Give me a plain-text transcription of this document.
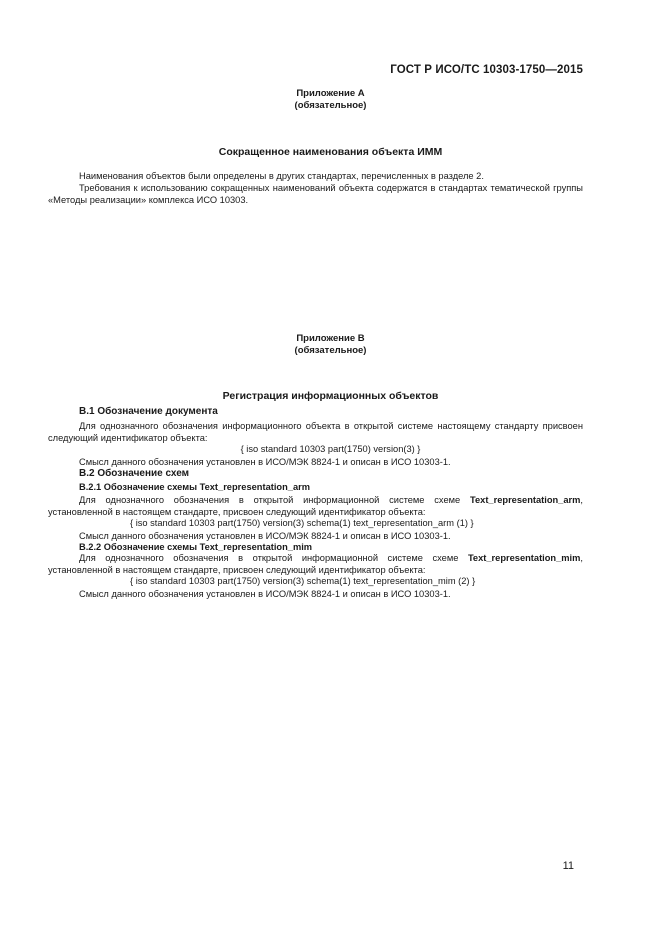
ГОСТ Р ИСО/ТС 10303-1750—2015
Приложение А
(обязательное)
Сокращенное наименования объекта ИММ
Наименования объектов были определены в других стандартах, перечисленных в разделе 2.
Требования к использованию сокращенных наименований объекта содержатся в стандартах тематической группы «Методы реализации» комплекса ИСО 10303.
Приложение В
(обязательное)
Регистрация информационных объектов
В.1 Обозначение документа
Для однозначного обозначения информационного объекта в открытой системе настоящему стандарту присвоен следующий идентификатор объекта:
{ iso standard 10303 part(1750) version(3) }
Смысл данного обозначения установлен в ИСО/МЭК 8824-1 и описан в ИСО 10303-1.
В.2 Обозначение схем
В.2.1 Обозначение схемы Text_representation_arm
Для однозначного обозначения в открытой информационной системе схеме Text_representation_arm, установленной в настоящем стандарте, присвоен следующий идентификатор объекта:
{ iso standard 10303 part(1750) version(3) schema(1) text_representation_arm (1) }
Смысл данного обозначения установлен в ИСО/МЭК 8824-1 и описан в ИСО 10303-1.
В.2.2 Обозначение схемы Text_representation_mim
Для однозначного обозначения в открытой информационной системе схеме Text_representation_mim, установленной в настоящем стандарте, присвоен следующий идентификатор объекта:
{ iso standard 10303 part(1750) version(3) schema(1) text_representation_mim (2) }
Смысл данного обозначения установлен в ИСО/МЭК 8824-1 и описан в ИСО 10303-1.
11
